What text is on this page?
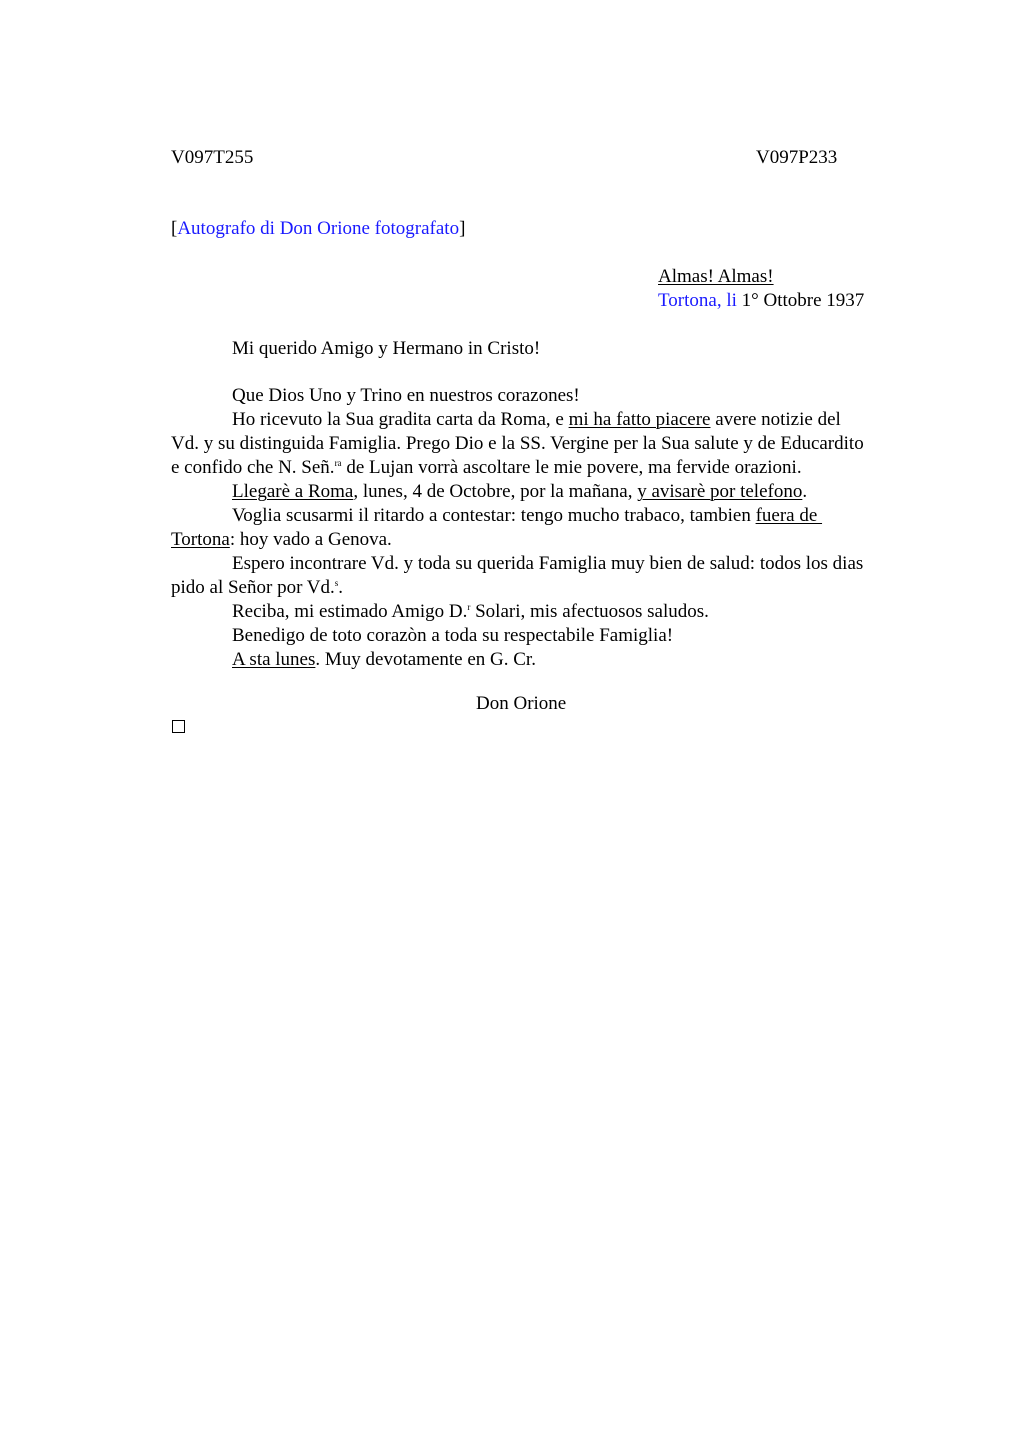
V097T255	V097P233
[Autografo di Don Orione fotografato]
Almas! Almas!
Tortona, li 1° Ottobre 1937
Mi querido Amigo y Hermano in Cristo!
Que Dios Uno y Trino en nuestros corazones!
Ho ricevuto la Sua gradita carta da Roma, e mi ha fatto piacere avere notizie del
Vd. y su distinguida Famiglia. Prego Dio e la SS. Vergine per la Sua salute y de Educardito
e confido che N. Señ.$^{ra}$ de Lujan vorrà ascoltare le mie povere, ma fervide orazioni.
Llegarè a Roma, lunes, 4 de Octobre, por la mañana, y avisarè por telefono.
Voglia scusarmi il ritardo a contestar: tengo mucho trabaco, tambien fuera de
Tortona: hoy vado a Genova.
Espero incontrare Vd. y toda su querida Famiglia muy bien de salud: todos los dias
pido al Señor por Vd.$^s$.
Reciba, mi estimado Amigo D.$^r$ Solari, mis afectuosos saludos.
Benedigo de toto corazòn a toda su respectabile Famiglia!
A sta lunes. Muy devotamente en G. Cr.
Don Orione
